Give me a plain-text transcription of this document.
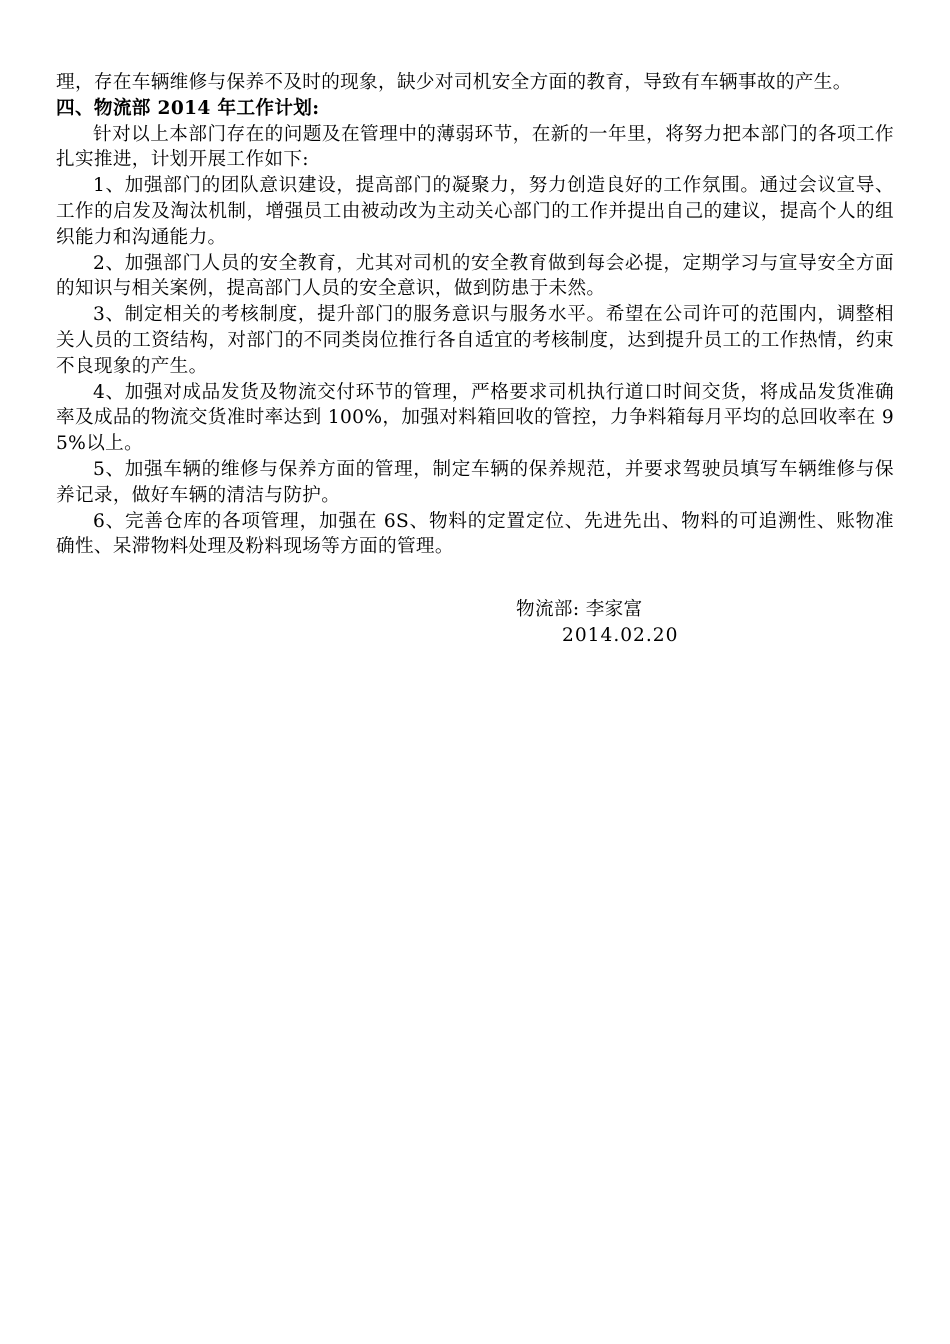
理，存在车辆维修与保养不及时的现象，缺少对司机安全方面的教育，导致有车辆事故的产生。

四、物流部 2014 年工作计划:

针对以上本部门存在的问题及在管理中的薄弱环节，在新的一年里，将努力把本部门的各项工作扎实推进，计划开展工作如下:

1、加强部门的团队意识建设，提高部门的凝聚力，努力创造良好的工作氛围。通过会议宣导、工作的启发及淘汰机制，增强员工由被动改为主动关心部门的工作并提出自己的建议，提高个人的组织能力和沟通能力。

2、加强部门人员的安全教育，尤其对司机的安全教育做到每会必提，定期学习与宣导安全方面的知识与相关案例，提高部门人员的安全意识，做到防患于未然。

3、制定相关的考核制度，提升部门的服务意识与服务水平。希望在公司许可的范围内，调整相关人员的工资结构，对部门的不同类岗位推行各自适宜的考核制度，达到提升员工的工作热情，约束不良现象的产生。

4、加强对成品发货及物流交付环节的管理，严格要求司机执行道口时间交货，将成品发货准确率及成品的物流交货准时率达到 100%，加强对料箱回收的管控，力争料箱每月平均的总回收率在 95%以上。

5、加强车辆的维修与保养方面的管理，制定车辆的保养规范，并要求驾驶员填写车辆维修与保养记录，做好车辆的清洁与防护。

6、完善仓库的各项管理，加强在 6S、物料的定置定位、先进先出、物料的可追溯性、账物准确性、呆滞物料处理及粉料现场等方面的管理。

物流部: 李家富
2014.02.20
